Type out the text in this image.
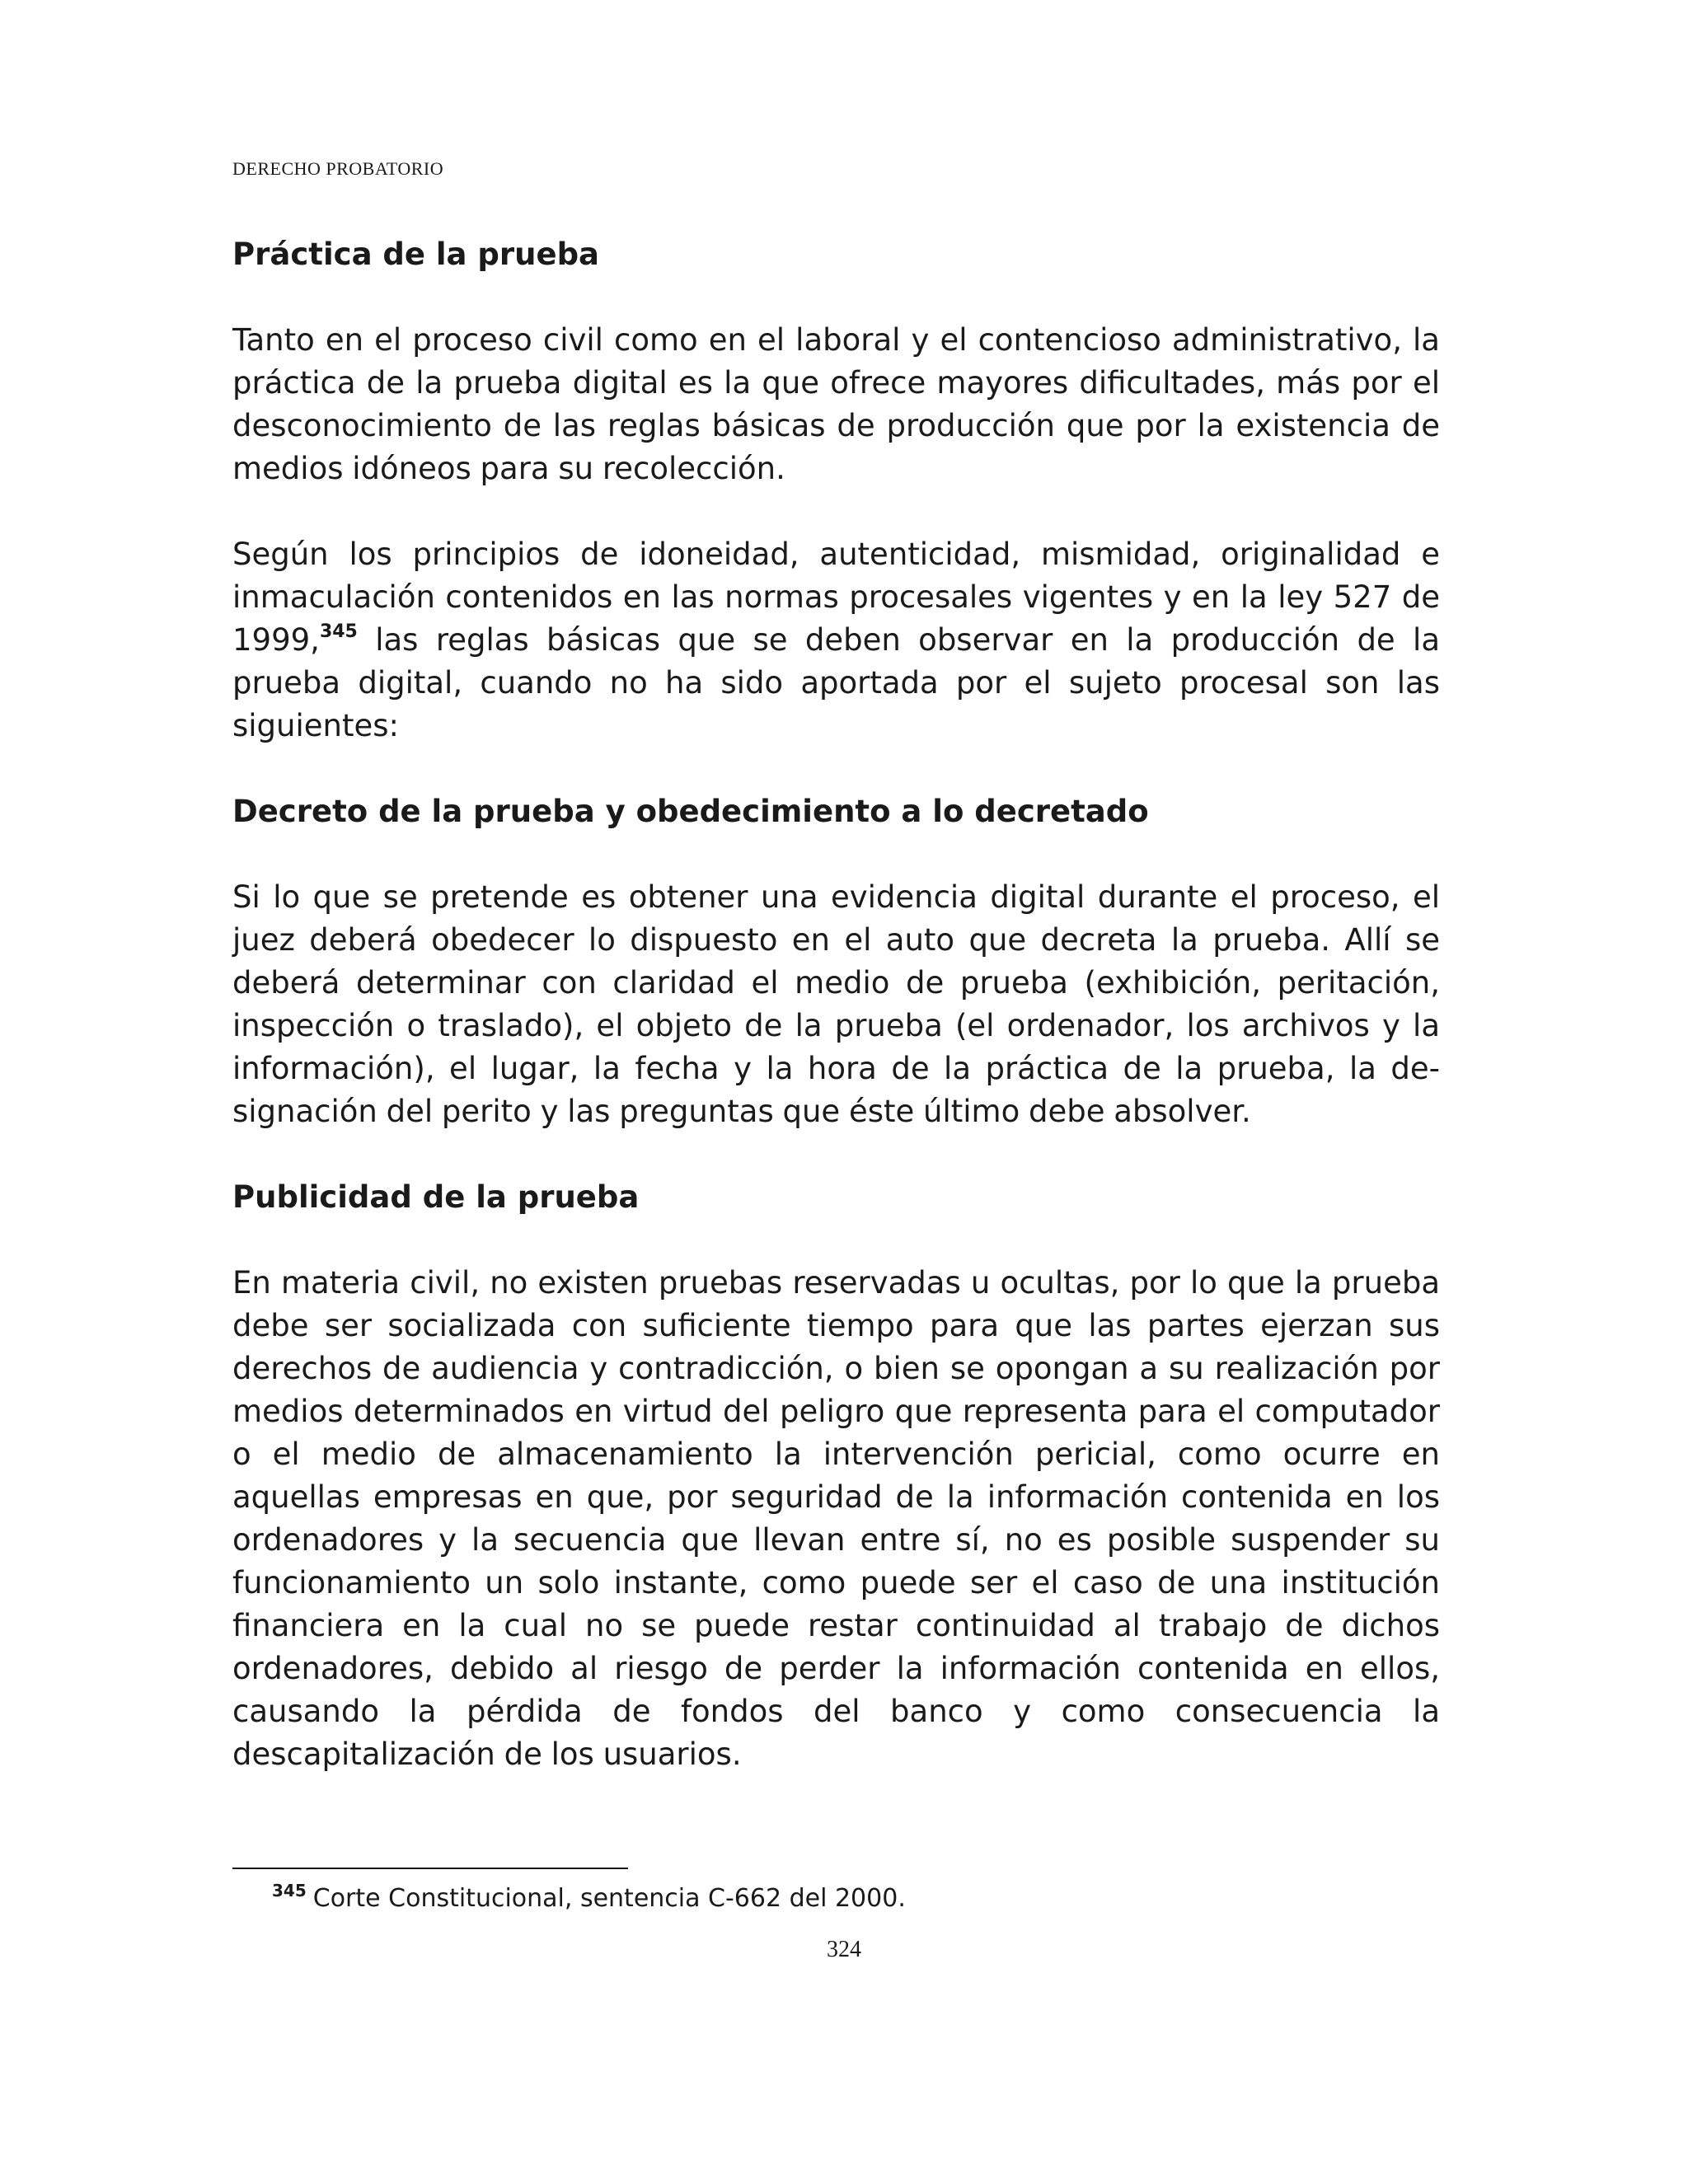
DERECHO PROBATORIO
Práctica de la prueba

Tanto en el proceso civil como en el laboral y el contencioso administrativo, la práctica de la prueba digital es la que ofrece mayores dificultades, más por el desconocimiento de las reglas básicas de producción que por la existencia de medios idóneos para su recolección.

Según los principios de idoneidad, autenticidad, mismidad, originalidad e inmaculación contenidos en las normas procesales vigentes y en la ley 527 de 1999,$^{345}$ las reglas básicas que se deben observar en la producción de la prueba digital, cuando no ha sido aportada por el sujeto procesal son las siguientes:

Decreto de la prueba y obedecimiento a lo decretado

Si lo que se pretende es obtener una evidencia digital durante el proceso, el juez deberá obedecer lo dispuesto en el auto que decreta la prueba. Allí se deberá determinar con claridad el medio de prueba (exhibición, peritación, inspección o traslado), el objeto de la prueba (el ordenador, los archivos y la información), el lugar, la fecha y la hora de la práctica de la prueba, la designación del perito y las preguntas que éste último debe absolver.

Publicidad de la prueba

En materia civil, no existen pruebas reservadas u ocultas, por lo que la prueba debe ser socializada con suficiente tiempo para que las partes ejerzan sus derechos de audiencia y contradicción, o bien se opongan a su realización por medios determinados en virtud del peligro que representa para el computador o el medio de almacenamiento la intervención pericial, como ocurre en aquellas empresas en que, por seguridad de la información contenida en los ordenadores y la secuencia que llevan entre sí, no es posible suspender su funcionamiento un solo instante, como puede ser el caso de una institución financiera en la cual no se puede restar continuidad al trabajo de dichos ordenadores, debido al riesgo de perder la información contenida en ellos, causando la pérdida de fondos del banco y como consecuencia la descapitalización de los usuarios.

$^{345}$ Corte Constitucional, sentencia C-662 del 2000.
324
